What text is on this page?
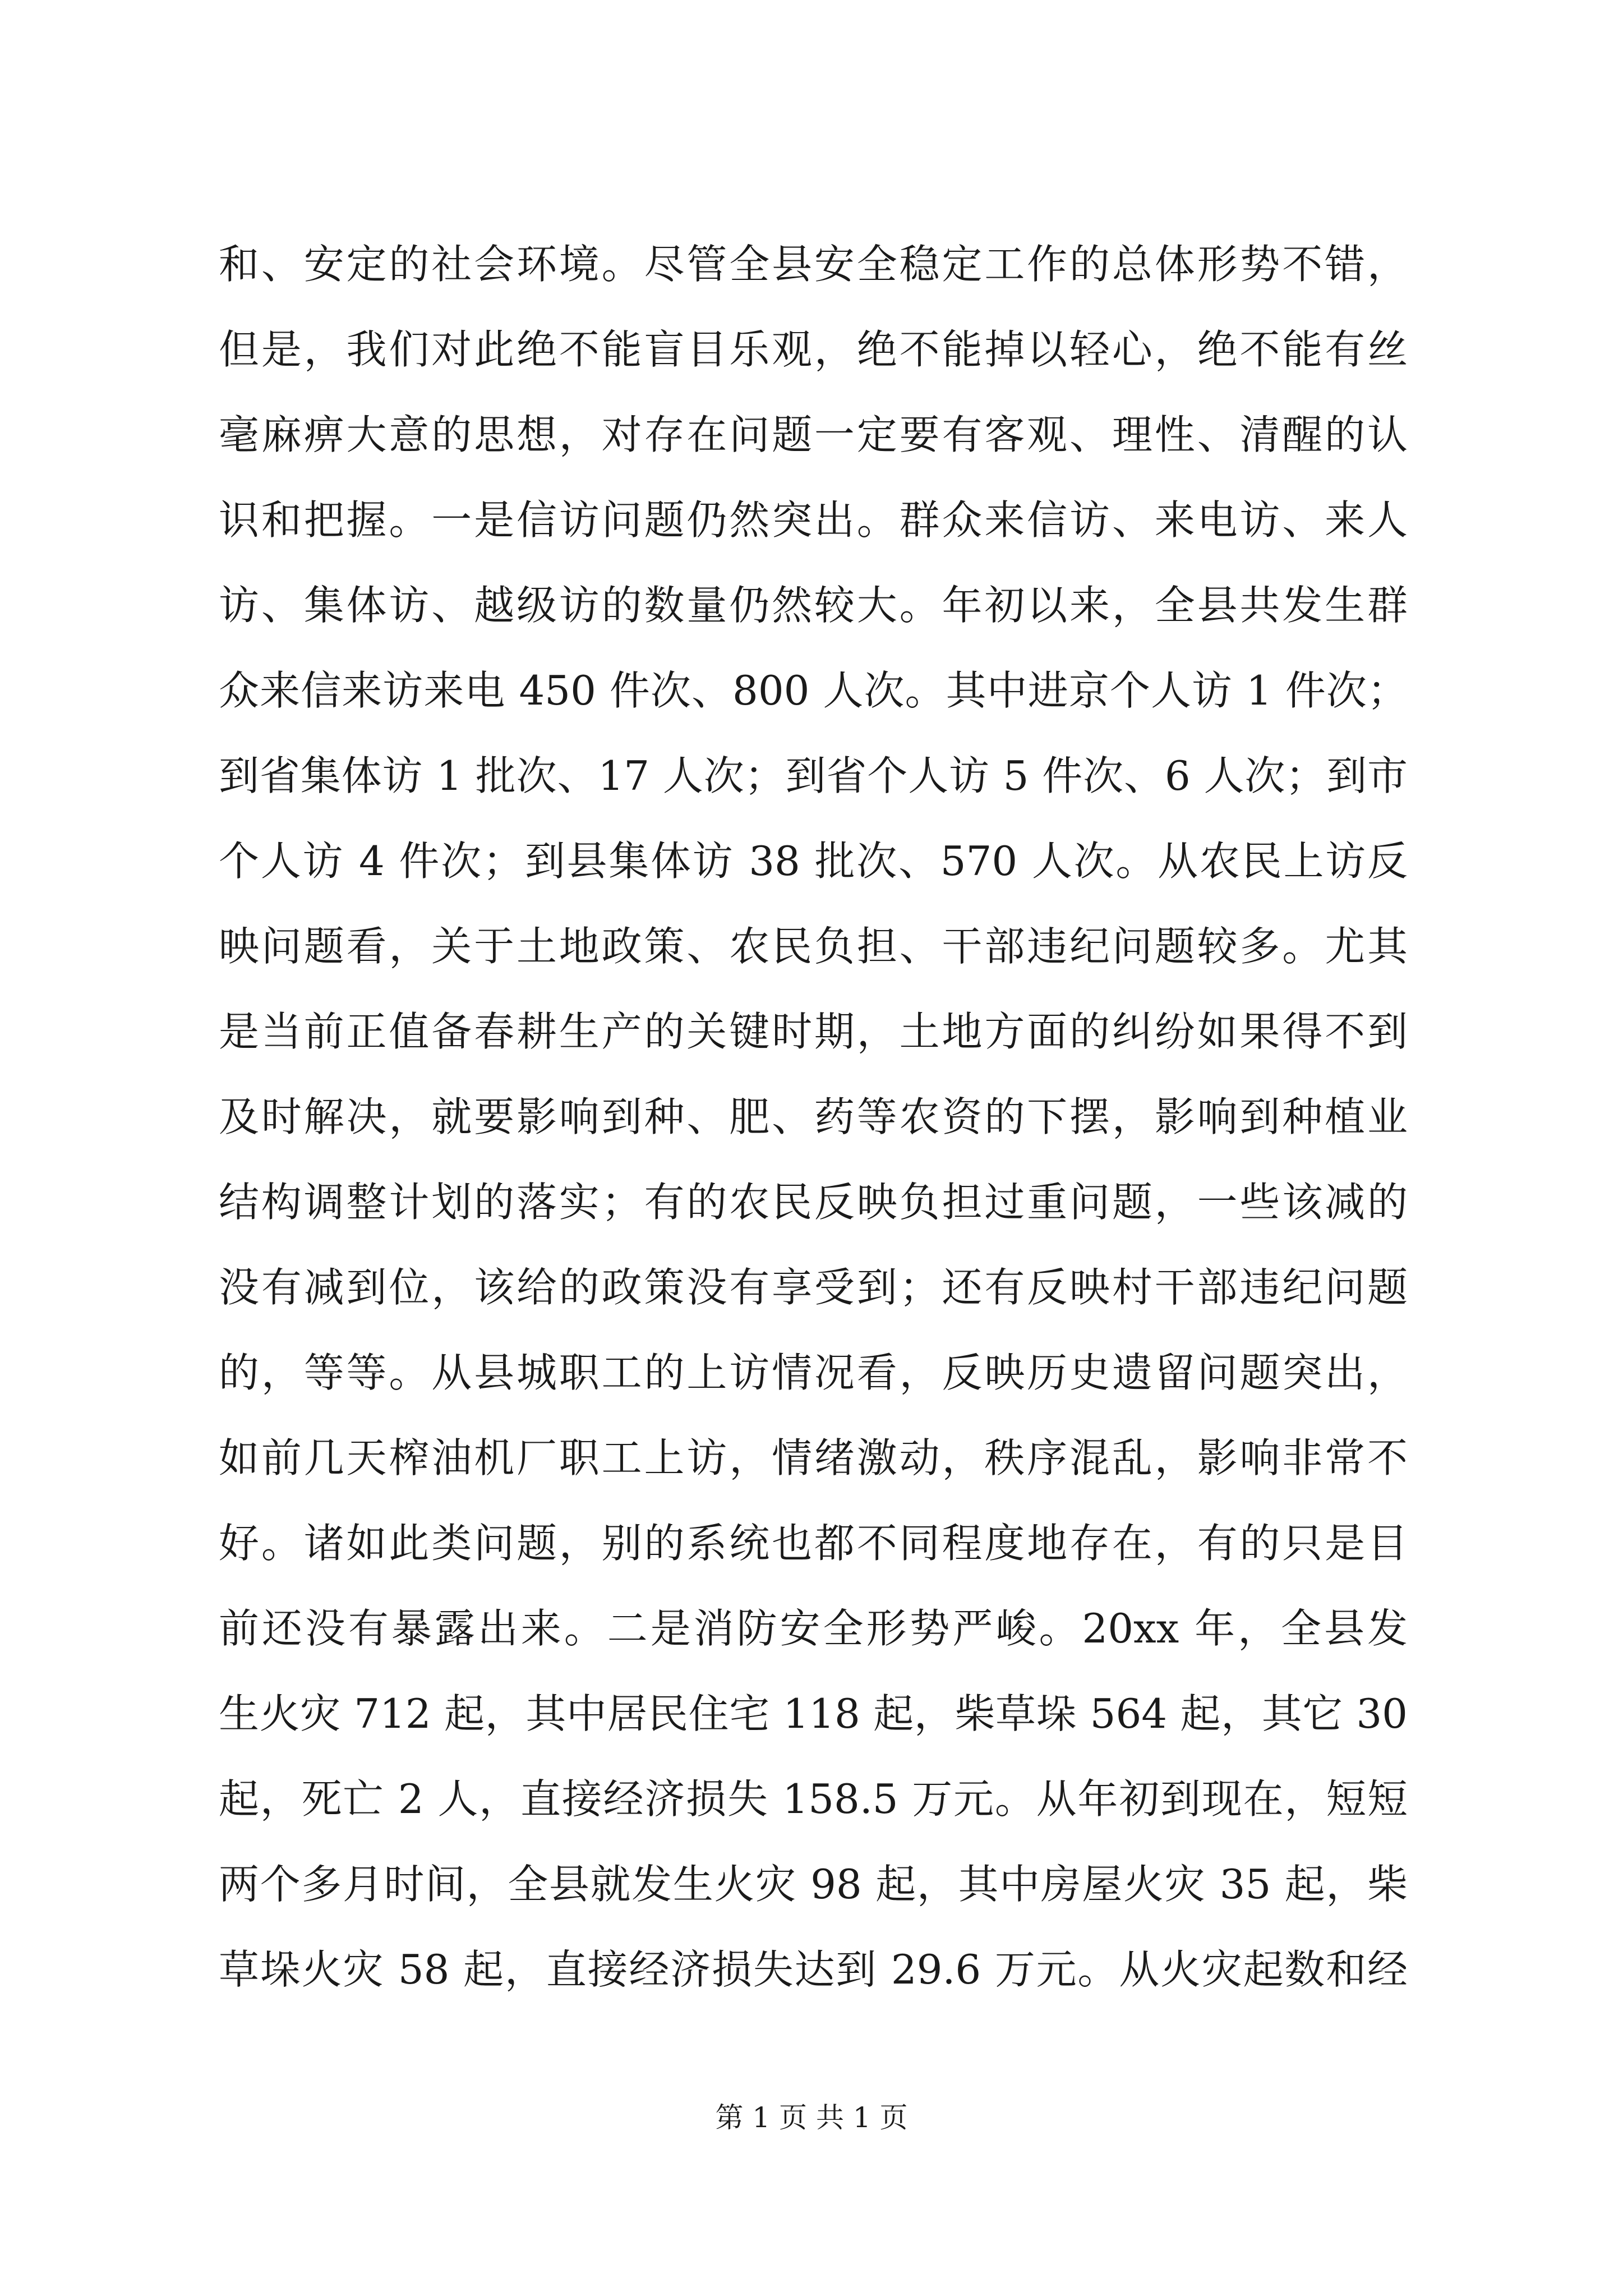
和、安定的社会环境。尽管全县安全稳定工作的总体形势不错，
但是，我们对此绝不能盲目乐观，绝不能掉以轻心，绝不能有丝
毫麻痹大意的思想，对存在问题一定要有客观、理性、清醒的认
识和把握。一是信访问题仍然突出。群众来信访、来电访、来人
访、集体访、越级访的数量仍然较大。年初以来，全县共发生群
众来信来访来电 450 件次、800 人次。其中进京个人访 1 件次；
到省集体访 1 批次、17 人次；到省个人访 5 件次、6 人次；到市
个人访 4 件次；到县集体访 38 批次、570 人次。从农民上访反
映问题看，关于土地政策、农民负担、干部违纪问题较多。尤其
是当前正值备春耕生产的关键时期，土地方面的纠纷如果得不到
及时解决，就要影响到种、肥、药等农资的下摆，影响到种植业
结构调整计划的落实；有的农民反映负担过重问题，一些该减的
没有减到位，该给的政策没有享受到；还有反映村干部违纪问题
的，等等。从县城职工的上访情况看，反映历史遗留问题突出，
如前几天榨油机厂职工上访，情绪激动，秩序混乱，影响非常不
好。诸如此类问题，别的系统也都不同程度地存在，有的只是目
前还没有暴露出来。二是消防安全形势严峻。20xx 年，全县发
生火灾 712 起，其中居民住宅 118 起，柴草垛 564 起，其它 30
起，死亡 2 人，直接经济损失 158.5 万元。从年初到现在，短短
两个多月时间，全县就发生火灾 98 起，其中房屋火灾 35 起，柴
草垛火灾 58 起，直接经济损失达到 29.6 万元。从火灾起数和经
第 1 页 共 1 页
